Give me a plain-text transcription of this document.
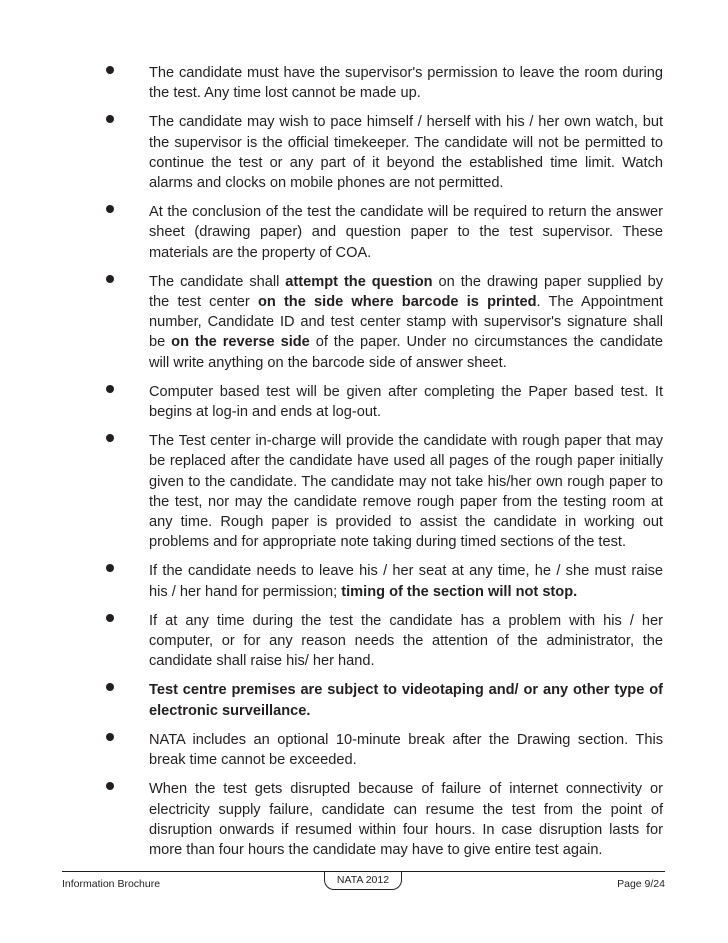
The candidate must have the supervisor's permission to leave the room during the test. Any time lost cannot be made up.
The candidate may wish to pace himself / herself with his / her own watch, but the supervisor is the official timekeeper. The candidate will not be permitted to continue the test or any part of it beyond the established time limit. Watch alarms and clocks on mobile phones are not permitted.
At the conclusion of the test the candidate will be required to return the answer sheet (drawing paper) and question paper to the test supervisor. These materials are the property of COA.
The candidate shall attempt the question on the drawing paper supplied by the test center on the side where barcode is printed. The Appointment number, Candidate ID and test center stamp with supervisor's signature shall be on the reverse side of the paper. Under no circumstances the candidate will write anything on the barcode side of answer sheet.
Computer based test will be given after completing the Paper based test. It begins at log-in and ends at log-out.
The Test center in-charge will provide the candidate with rough paper that may be replaced after the candidate have used all pages of the rough paper initially given to the candidate. The candidate may not take his/her own rough paper to the test, nor may the candidate remove rough paper from the testing room at any time. Rough paper is provided to assist the candidate in working out problems and for appropriate note taking during timed sections of the test.
If the candidate needs to leave his / her seat at any time, he / she must raise his / her hand for permission; timing of the section will not stop.
If at any time during the test the candidate has a problem with his / her computer, or for any reason needs the attention of the administrator, the candidate shall raise his/ her hand.
Test centre premises are subject to videotaping and/ or any other type of electronic surveillance.
NATA includes an optional 10-minute break after the Drawing section. This break time cannot be exceeded.
When the test gets disrupted because of failure of internet connectivity or electricity supply failure, candidate can resume the test from the point of disruption onwards if resumed within four hours. In case disruption lasts for more than four hours the candidate may have to give entire test again.
Information Brochure	NATA 2012	Page 9/24
